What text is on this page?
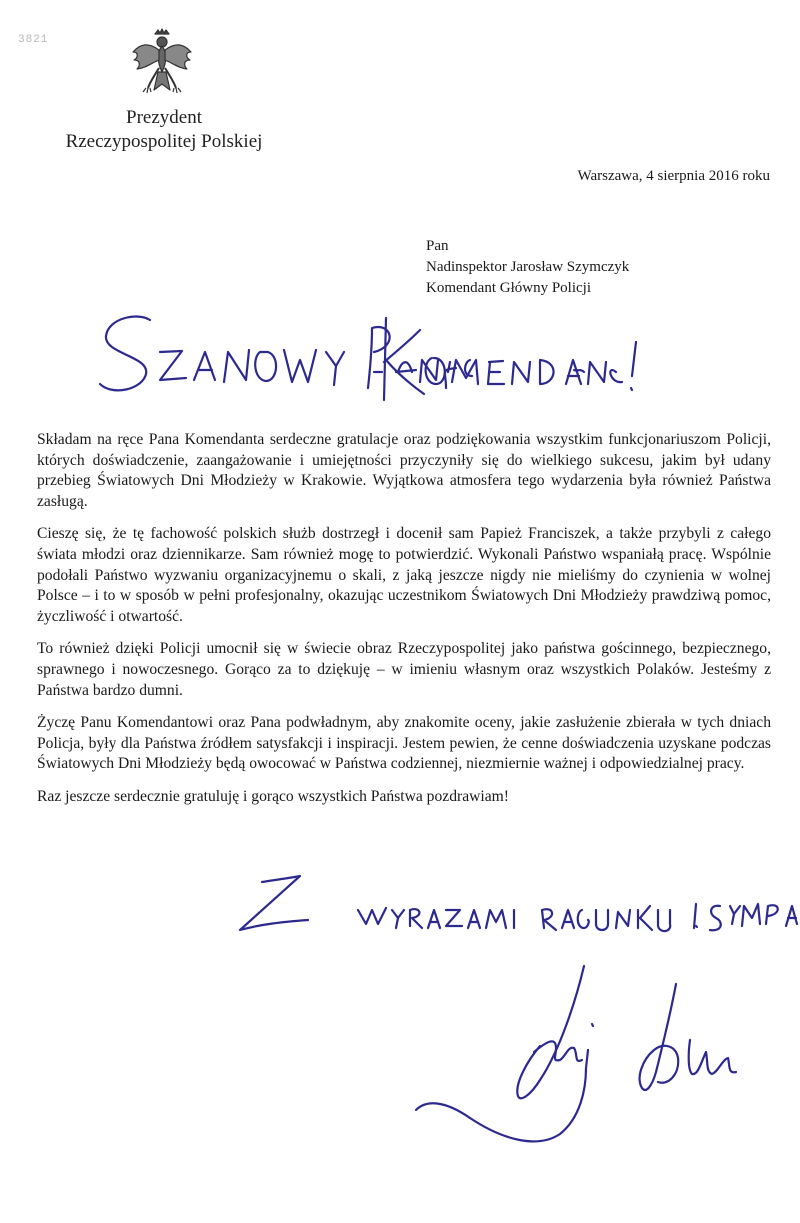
3821
Prezydent
Rzeczypospolitej Polskiej
Warszawa, 4 sierpnia 2016 roku
Pan
Nadinspektor Jarosław Szymczyk
Komendant Główny Policji

Składam na ręce Pana Komendanta serdeczne gratulacje oraz podziękowania wszystkim funkcjonariuszom Policji, których doświadczenie, zaangażowanie i umiejętności przyczyniły się do wielkiego sukcesu, jakim był udany przebieg Światowych Dni Młodzieży w Krakowie. Wyjątkowa atmosfera tego wydarzenia była również Państwa zasługą.

Cieszę się, że tę fachowość polskich służb dostrzegł i docenił sam Papież Franciszek, a także przybyli z całego świata młodzi oraz dziennikarze. Sam również mogę to potwierdzić. Wykonali Państwo wspaniałą pracę. Wspólnie podołali Państwo wyzwaniu organizacyjnemu o skali, z jaką jeszcze nigdy nie mieliśmy do czynienia w wolnej Polsce – i to w sposób w pełni profesjonalny, okazując uczestnikom Światowych Dni Młodzieży prawdziwą pomoc, życzliwość i otwartość.

To również dzięki Policji umocnił się w świecie obraz Rzeczypospolitej jako państwa gościnnego, bezpiecznego, sprawnego i nowoczesnego. Gorąco za to dziękuję – w imieniu własnym oraz wszystkich Polaków. Jesteśmy z Państwa bardzo dumni.

Życzę Panu Komendantowi oraz Pana podwładnym, aby znakomite oceny, jakie zasłużenie zbierała w tych dniach Policja, były dla Państwa źródłem satysfakcji i inspiracji. Jestem pewien, że cenne doświadczenia uzyskane podczas Światowych Dni Młodzieży będą owocować w Państwa codziennej, niezmiernie ważnej i odpowiedzialnej pracy.

Raz jeszcze serdecznie gratuluję i gorąco wszystkich Państwa pozdrawiam!
